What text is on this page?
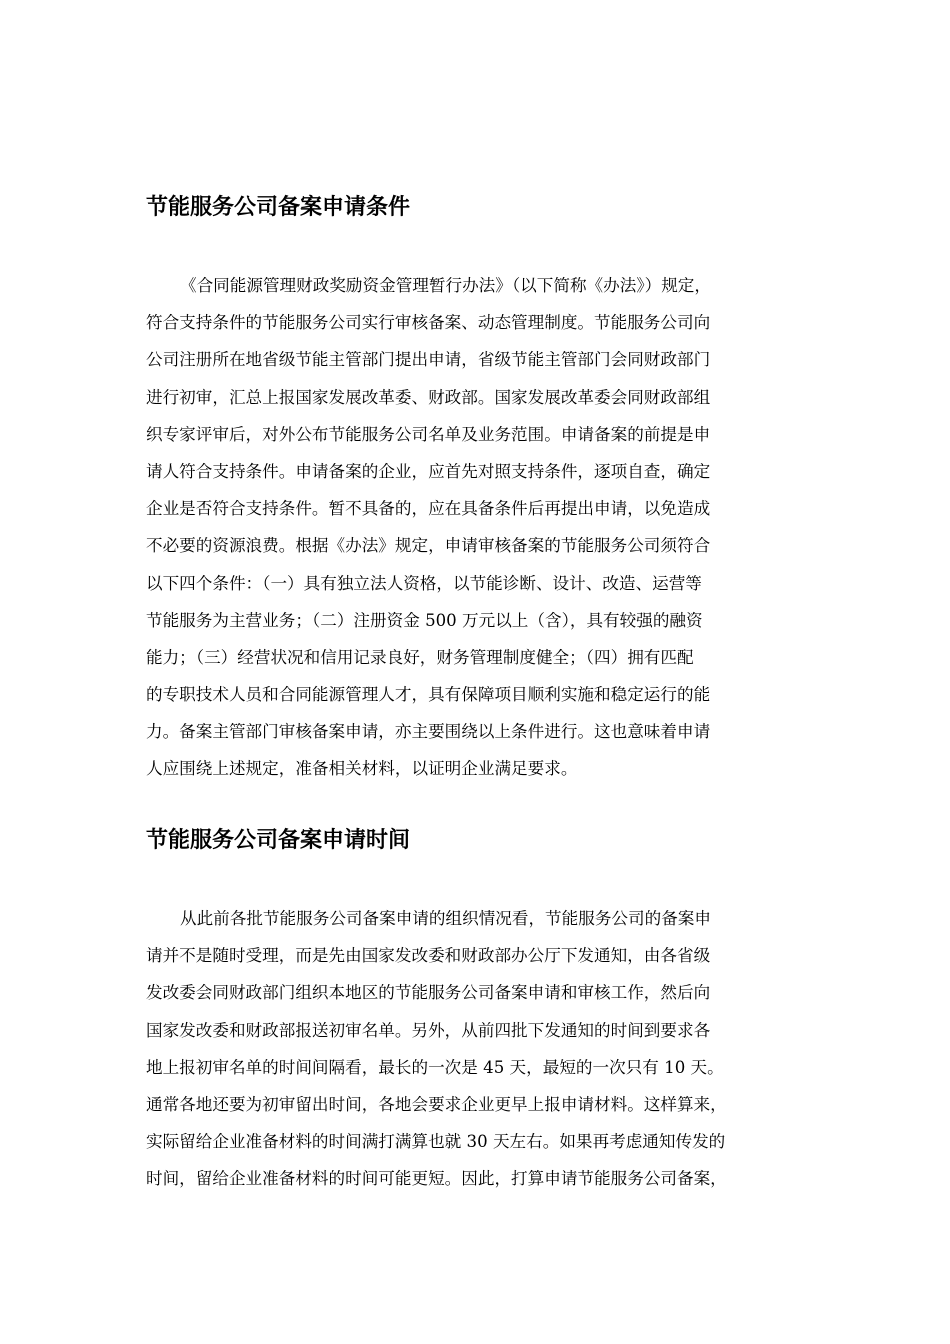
节能服务公司备案申请条件
《合同能源管理财政奖励资金管理暂行办法》（以下简称《办法》）规定，
符合支持条件的节能服务公司实行审核备案、动态管理制度。节能服务公司向
公司注册所在地省级节能主管部门提出申请，省级节能主管部门会同财政部门
进行初审，汇总上报国家发展改革委、财政部。国家发展改革委会同财政部组
织专家评审后，对外公布节能服务公司名单及业务范围。申请备案的前提是申
请人符合支持条件。申请备案的企业，应首先对照支持条件，逐项自查，确定
企业是否符合支持条件。暂不具备的，应在具备条件后再提出申请，以免造成
不必要的资源浪费。根据《办法》规定，申请审核备案的节能服务公司须符合
以下四个条件：（一）具有独立法人资格，以节能诊断、设计、改造、运营等
节能服务为主营业务；（二）注册资金 500 万元以上（含），具有较强的融资
能力；（三）经营状况和信用记录良好，财务管理制度健全；（四）拥有匹配
的专职技术人员和合同能源管理人才，具有保障项目顺利实施和稳定运行的能
力。备案主管部门审核备案申请，亦主要围绕以上条件进行。这也意味着申请
人应围绕上述规定，准备相关材料，以证明企业满足要求。
节能服务公司备案申请时间
从此前各批节能服务公司备案申请的组织情况看，节能服务公司的备案申
请并不是随时受理，而是先由国家发改委和财政部办公厅下发通知，由各省级
发改委会同财政部门组织本地区的节能服务公司备案申请和审核工作，然后向
国家发改委和财政部报送初审名单。另外，从前四批下发通知的时间到要求各
地上报初审名单的时间间隔看，最长的一次是 45 天，最短的一次只有 10 天。
通常各地还要为初审留出时间，各地会要求企业更早上报申请材料。这样算来，
实际留给企业准备材料的时间满打满算也就 30 天左右。如果再考虑通知传发的
时间，留给企业准备材料的时间可能更短。因此，打算申请节能服务公司备案，
